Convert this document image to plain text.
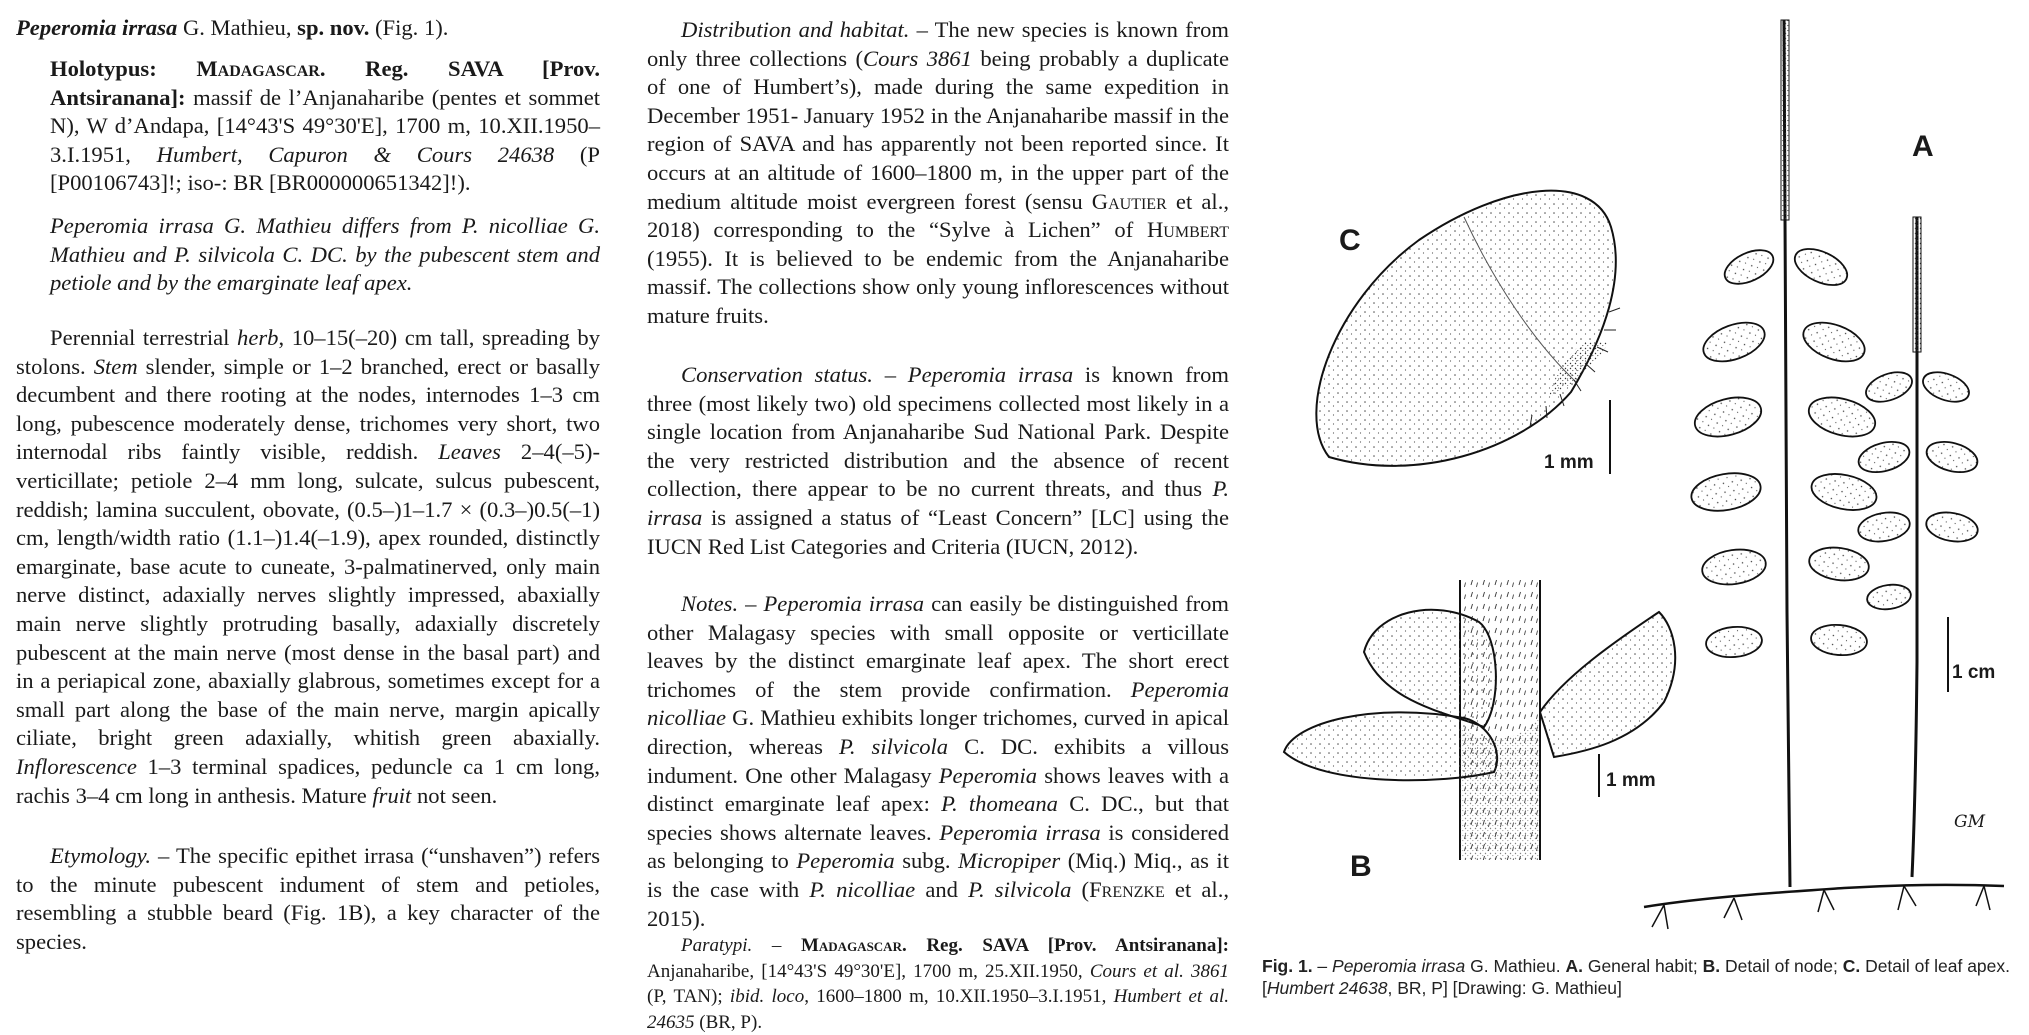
Peperomia irrasa G. Mathieu, sp. nov. (Fig. 1).

Holotypus: Madagascar. Reg. SAVA [Prov. Antsiranana]: massif de l’Anjanaharibe (pentes et sommet N), W d’Andapa, [14°43'S 49°30'E], 1700 m, 10.XII.1950–3.I.1951, Humbert, Capuron & Cours 24638 (P [P00106743]!; iso-: BR [BR000000651342]!).

Peperomia irrasa G. Mathieu differs from P. nicolliae G. Mathieu and P. silvicola C. DC. by the pubescent stem and petiole and by the emarginate leaf apex.

Perennial terrestrial herb, 10–15(–20) cm tall, spreading by stolons. Stem slender, simple or 1–2 branched, erect or basally decumbent and there rooting at the nodes, internodes 1–3 cm long, pubescence moderately dense, trichomes very short, two internodal ribs faintly visible, reddish. Leaves 2–4(–5)-verticillate; petiole 2–4 mm long, sulcate, sulcus pubescent, reddish; lamina succulent, obovate, (0.5–)1–1.7 × (0.3–)0.5(–1) cm, length/width ratio (1.1–)1.4(–1.9), apex rounded, distinctly emarginate, base acute to cuneate, 3-palmatinerved, only main nerve distinct, adaxially nerves slightly impressed, abaxially main nerve slightly protruding basally, adaxially discretely pubescent at the main nerve (most dense in the basal part) and in a periapical zone, abaxially glabrous, sometimes except for a small part along the base of the main nerve, margin apically ciliate, bright green adaxially, whitish green abaxially. Inflorescence 1–3 terminal spadices, peduncle ca 1 cm long, rachis 3–4 cm long in anthesis. Mature fruit not seen.

Etymology. – The specific epithet irrasa (“unshaven”) refers to the minute pubescent indument of stem and petioles, resembling a stubble beard (Fig. 1B), a key character of the species.

Distribution and habitat. – The new species is known from only three collections (Cours 3861 being probably a duplicate of one of Humbert’s), made during the same expedition in December 1951- January 1952 in the Anjanaharibe massif in the region of SAVA and has apparently not been reported since. It occurs at an altitude of 1600–1800 m, in the upper part of the medium altitude moist evergreen forest (sensu Gautier et al., 2018) corresponding to the “Sylve à Lichen” of Humbert (1955). It is believed to be endemic from the Anjanaharibe massif. The collections show only young inflorescences without mature fruits.

Conservation status. – Peperomia irrasa is known from three (most likely two) old specimens collected most likely in a single location from Anjanaharibe Sud National Park. Despite the very restricted distribution and the absence of recent collection, there appear to be no current threats, and thus P. irrasa is assigned a status of “Least Concern” [LC] using the IUCN Red List Categories and Criteria (IUCN, 2012).

Notes. – Peperomia irrasa can easily be distinguished from other Malagasy species with small opposite or verticillate leaves by the distinct emarginate leaf apex. The short erect trichomes of the stem provide confirmation. Peperomia nicolliae G. Mathieu exhibits longer trichomes, curved in apical direction, whereas P. silvicola C. DC. exhibits a villous indument. One other Malagasy Peperomia shows leaves with a distinct emarginate leaf apex: P. thomeana C. DC., but that species shows alternate leaves. Peperomia irrasa is considered as belonging to Peperomia subg. Micropiper (Miq.) Miq., as it is the case with P. nicolliae and P. silvicola (Frenzke et al., 2015).

Paratypi. – Madagascar. Reg. SAVA [Prov. Antsiranana]: Anjanaharibe, [14°43'S 49°30'E], 1700 m, 25.XII.1950, Cours et al. 3861 (P, TAN); ibid. loco, 1600–1800 m, 10.XII.1950–3.I.1951, Humbert et al. 24635 (BR, P).

A
C
B
1 mm
1 mm
1 cm
GM
Fig. 1. – Peperomia irrasa G. Mathieu. A. General habit; B. Detail of node; C. Detail of leaf apex.
[Humbert 24638, BR, P] [Drawing: G. Mathieu]
